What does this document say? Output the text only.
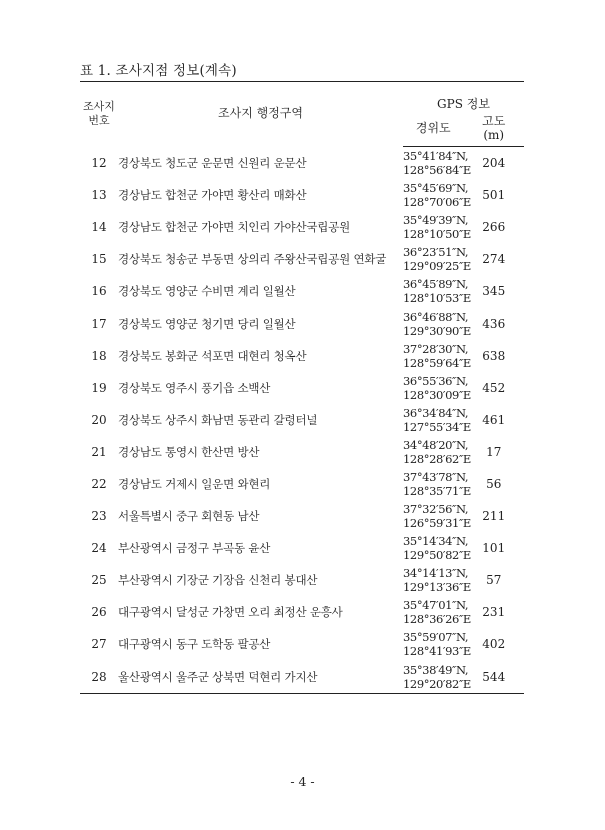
표 1. 조사지점 정보(계속)
조사지
번호	조사지 행정구역	GPS 정보	
		경위도	고도
(m)
12	경상북도 청도군 운문면 신원리 운문산	35°41′84″N,
128°56′84″E	204
13	경상남도 합천군 가야면 황산리 매화산	35°45′69″N,
128°70′06″E	501
14	경상남도 합천군 가야면 치인리 가야산국립공원	35°49′39″N,
128°10′50″E	266
15	경상북도 청송군 부동면 상의리 주왕산국립공원 연화굴	36°23′51″N,
129°09′25″E	274
16	경상북도 영양군 수비면 계리 일월산	36°45′89″N,
128°10′53″E	345
17	경상북도 영양군 청기면 당리 일월산	36°46′88″N,
129°30′90″E	436
18	경상북도 봉화군 석포면 대현리 청옥산	37°28′30″N,
128°59′64″E	638
19	경상북도 영주시 풍기읍 소백산	36°55′36″N,
128°30′09″E	452
20	경상북도 상주시 화남면 동관리 갈령터널	36°34′84″N,
127°55′34″E	461
21	경상남도 통영시 한산면 방산	34°48′20″N,
128°28′62″E	17
22	경상남도 거제시 일운면 와현리	37°43′78″N,
128°35′71″E	56
23	서울특별시 중구 회현동 남산	37°32′56″N,
126°59′31″E	211
24	부산광역시 금정구 부곡동 윤산	35°14′34″N,
129°50′82″E	101
25	부산광역시 기장군 기장읍 신천리 봉대산	34°14′13″N,
129°13′36″E	57
26	대구광역시 달성군 가창면 오리 최정산 운흥사	35°47′01″N,
128°36′26″E	231
27	대구광역시 동구 도학동 팔공산	35°59′07″N,
128°41′93″E	402
28	울산광역시 울주군 상북면 덕현리 가지산	35°38′49″N,
129°20′82″E	544
- 4 -
